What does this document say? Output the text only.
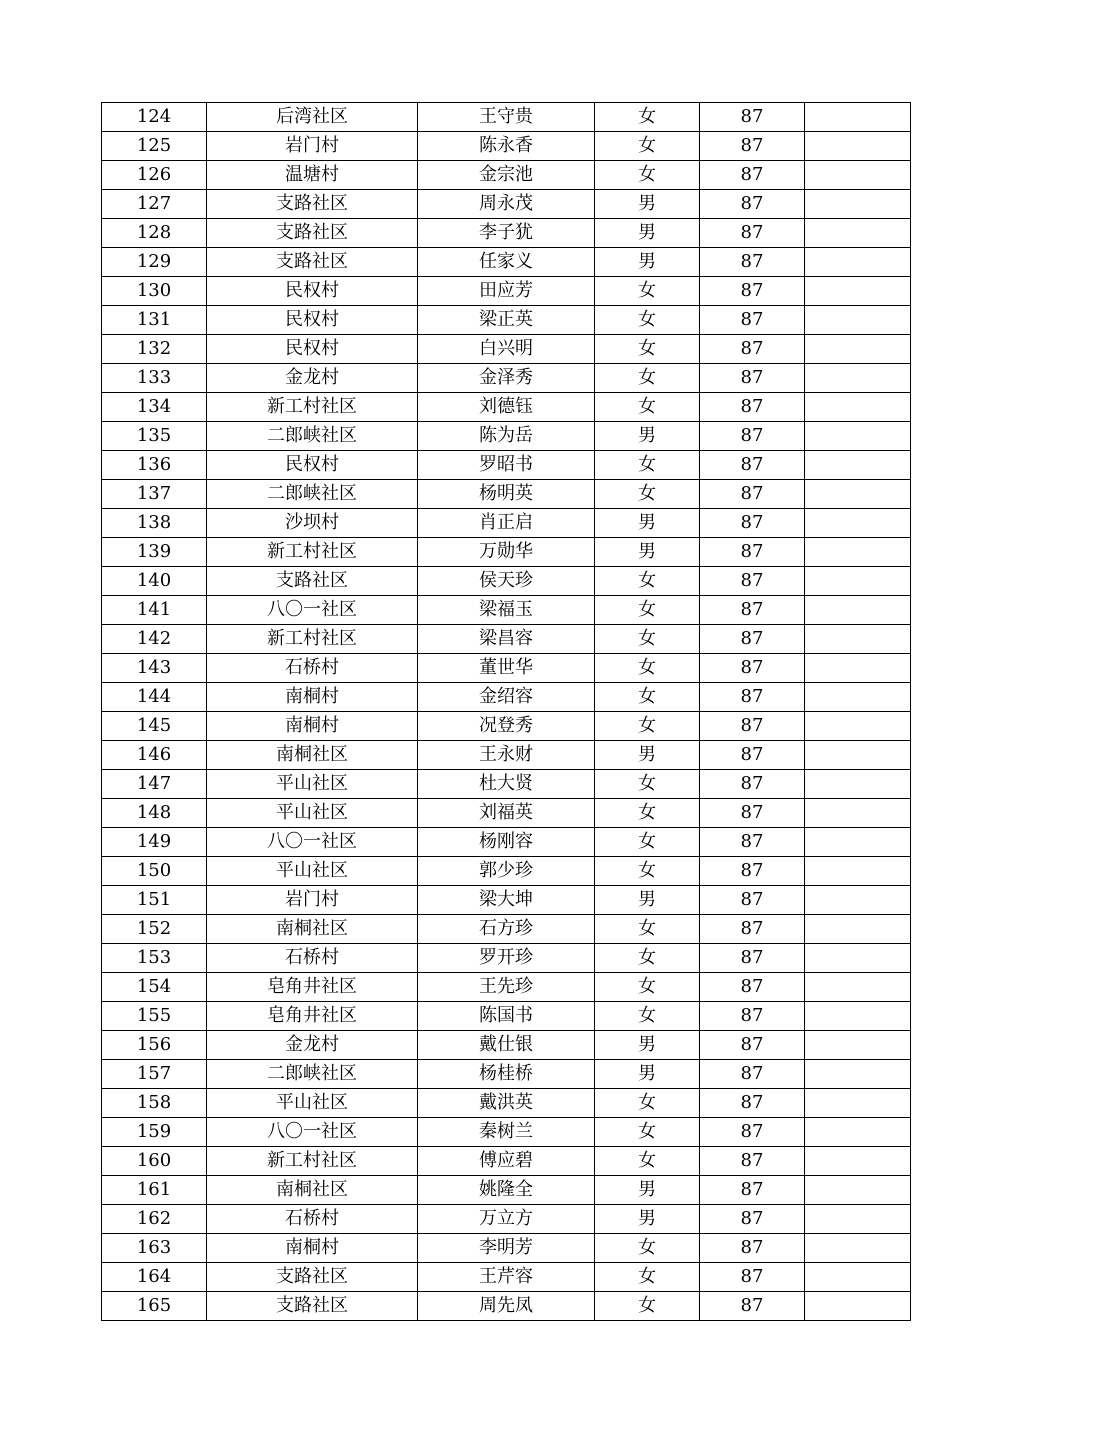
124	后湾社区	王守贵	女	87	
125	岩门村	陈永香	女	87	
126	温塘村	金宗池	女	87	
127	支路社区	周永茂	男	87	
128	支路社区	李子犹	男	87	
129	支路社区	任家义	男	87	
130	民权村	田应芳	女	87	
131	民权村	梁正英	女	87	
132	民权村	白兴明	女	87	
133	金龙村	金泽秀	女	87	
134	新工村社区	刘德钰	女	87	
135	二郎峡社区	陈为岳	男	87	
136	民权村	罗昭书	女	87	
137	二郎峡社区	杨明英	女	87	
138	沙坝村	肖正启	男	87	
139	新工村社区	万勋华	男	87	
140	支路社区	侯天珍	女	87	
141	八〇一社区	梁福玉	女	87	
142	新工村社区	梁昌容	女	87	
143	石桥村	董世华	女	87	
144	南桐村	金绍容	女	87	
145	南桐村	况登秀	女	87	
146	南桐社区	王永财	男	87	
147	平山社区	杜大贤	女	87	
148	平山社区	刘福英	女	87	
149	八〇一社区	杨刚容	女	87	
150	平山社区	郭少珍	女	87	
151	岩门村	梁大坤	男	87	
152	南桐社区	石方珍	女	87	
153	石桥村	罗开珍	女	87	
154	皂角井社区	王先珍	女	87	
155	皂角井社区	陈国书	女	87	
156	金龙村	戴仕银	男	87	
157	二郎峡社区	杨桂桥	男	87	
158	平山社区	戴洪英	女	87	
159	八〇一社区	秦树兰	女	87	
160	新工村社区	傅应碧	女	87	
161	南桐社区	姚隆全	男	87	
162	石桥村	万立方	男	87	
163	南桐村	李明芳	女	87	
164	支路社区	王芹容	女	87	
165	支路社区	周先凤	女	87	
